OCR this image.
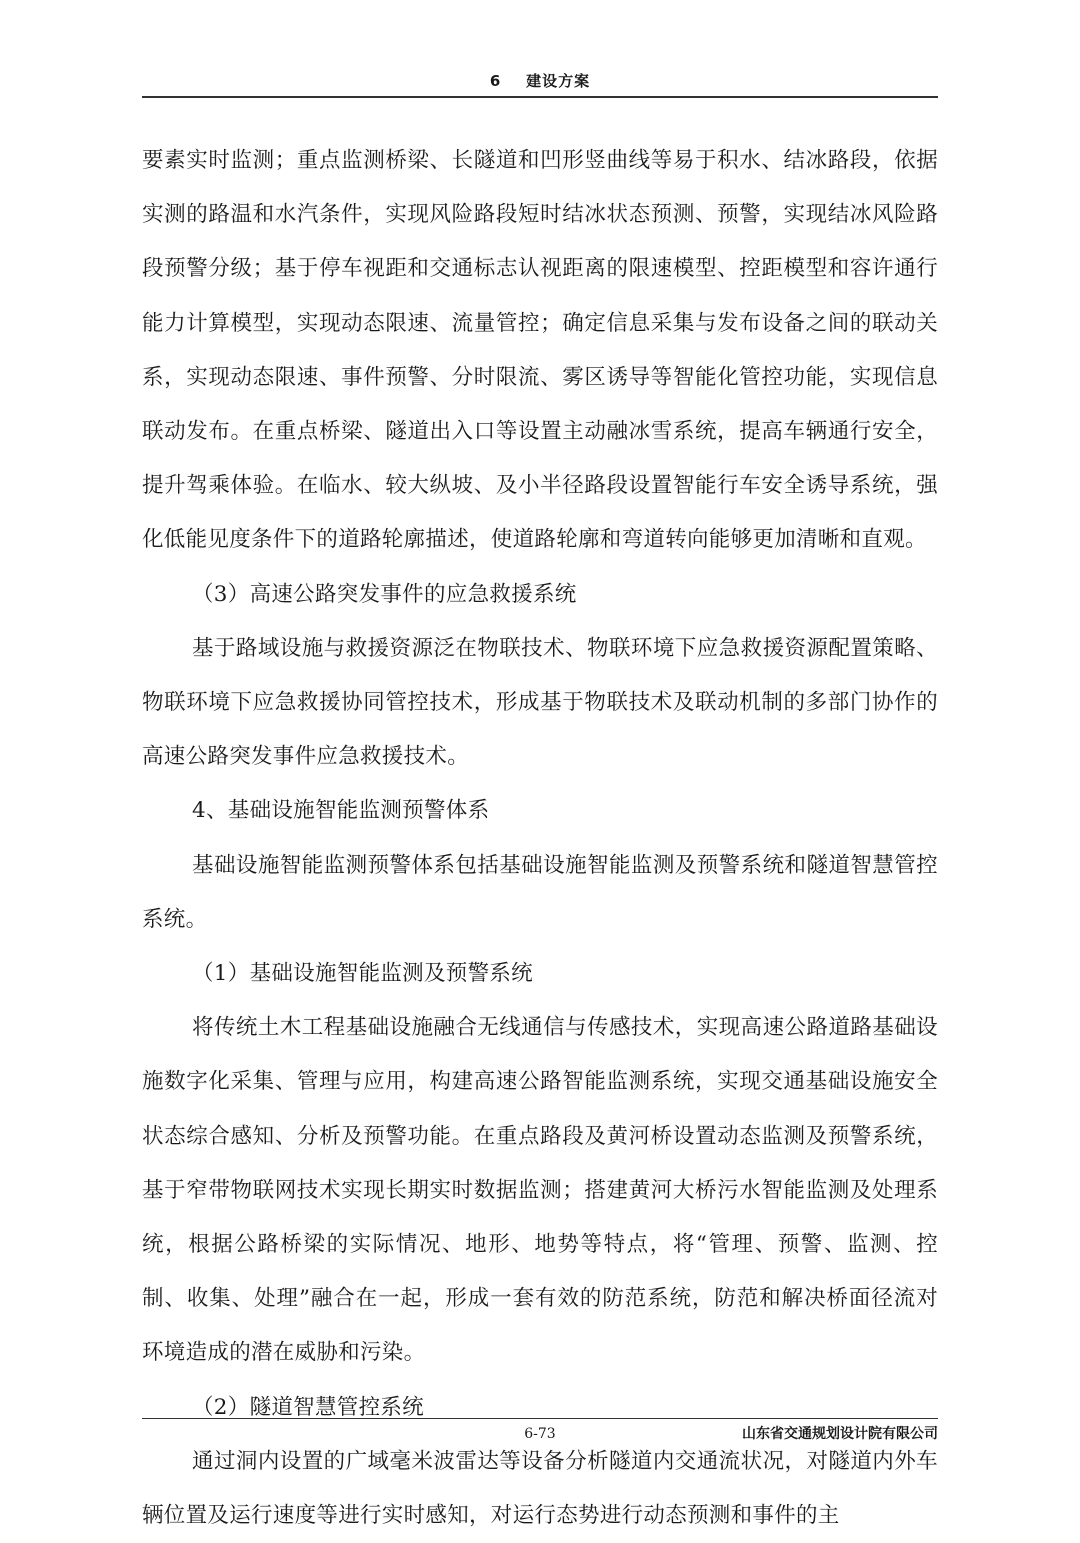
6    建设方案

要素实时监测；重点监测桥梁、长隧道和凹形竖曲线等易于积水、结冰路段，依据实测的路温和水汽条件，实现风险路段短时结冰状态预测、预警，实现结冰风险路段预警分级；基于停车视距和交通标志认视距离的限速模型、控距模型和容许通行能力计算模型，实现动态限速、流量管控；确定信息采集与发布设备之间的联动关系，实现动态限速、事件预警、分时限流、雾区诱导等智能化管控功能，实现信息联动发布。在重点桥梁、隧道出入口等设置主动融冰雪系统，提高车辆通行安全，提升驾乘体验。在临水、较大纵坡、及小半径路段设置智能行车安全诱导系统，强化低能见度条件下的道路轮廓描述，使道路轮廓和弯道转向能够更加清晰和直观。

（3）高速公路突发事件的应急救援系统

基于路域设施与救援资源泛在物联技术、物联环境下应急救援资源配置策略、物联环境下应急救援协同管控技术，形成基于物联技术及联动机制的多部门协作的高速公路突发事件应急救援技术。

4、基础设施智能监测预警体系

基础设施智能监测预警体系包括基础设施智能监测及预警系统和隧道智慧管控系统。

（1）基础设施智能监测及预警系统

将传统土木工程基础设施融合无线通信与传感技术，实现高速公路道路基础设施数字化采集、管理与应用，构建高速公路智能监测系统，实现交通基础设施安全状态综合感知、分析及预警功能。在重点路段及黄河桥设置动态监测及预警系统，基于窄带物联网技术实现长期实时数据监测；搭建黄河大桥污水智能监测及处理系统，根据公路桥梁的实际情况、地形、地势等特点，将“管理、预警、监测、控制、收集、处理”融合在一起，形成一套有效的防范系统，防范和解决桥面径流对环境造成的潜在威胁和污染。

（2）隧道智慧管控系统

通过洞内设置的广域毫米波雷达等设备分析隧道内交通流状况，对隧道内外车辆位置及运行速度等进行实时感知，对运行态势进行动态预测和事件的主

6-73	山东省交通规划设计院有限公司
